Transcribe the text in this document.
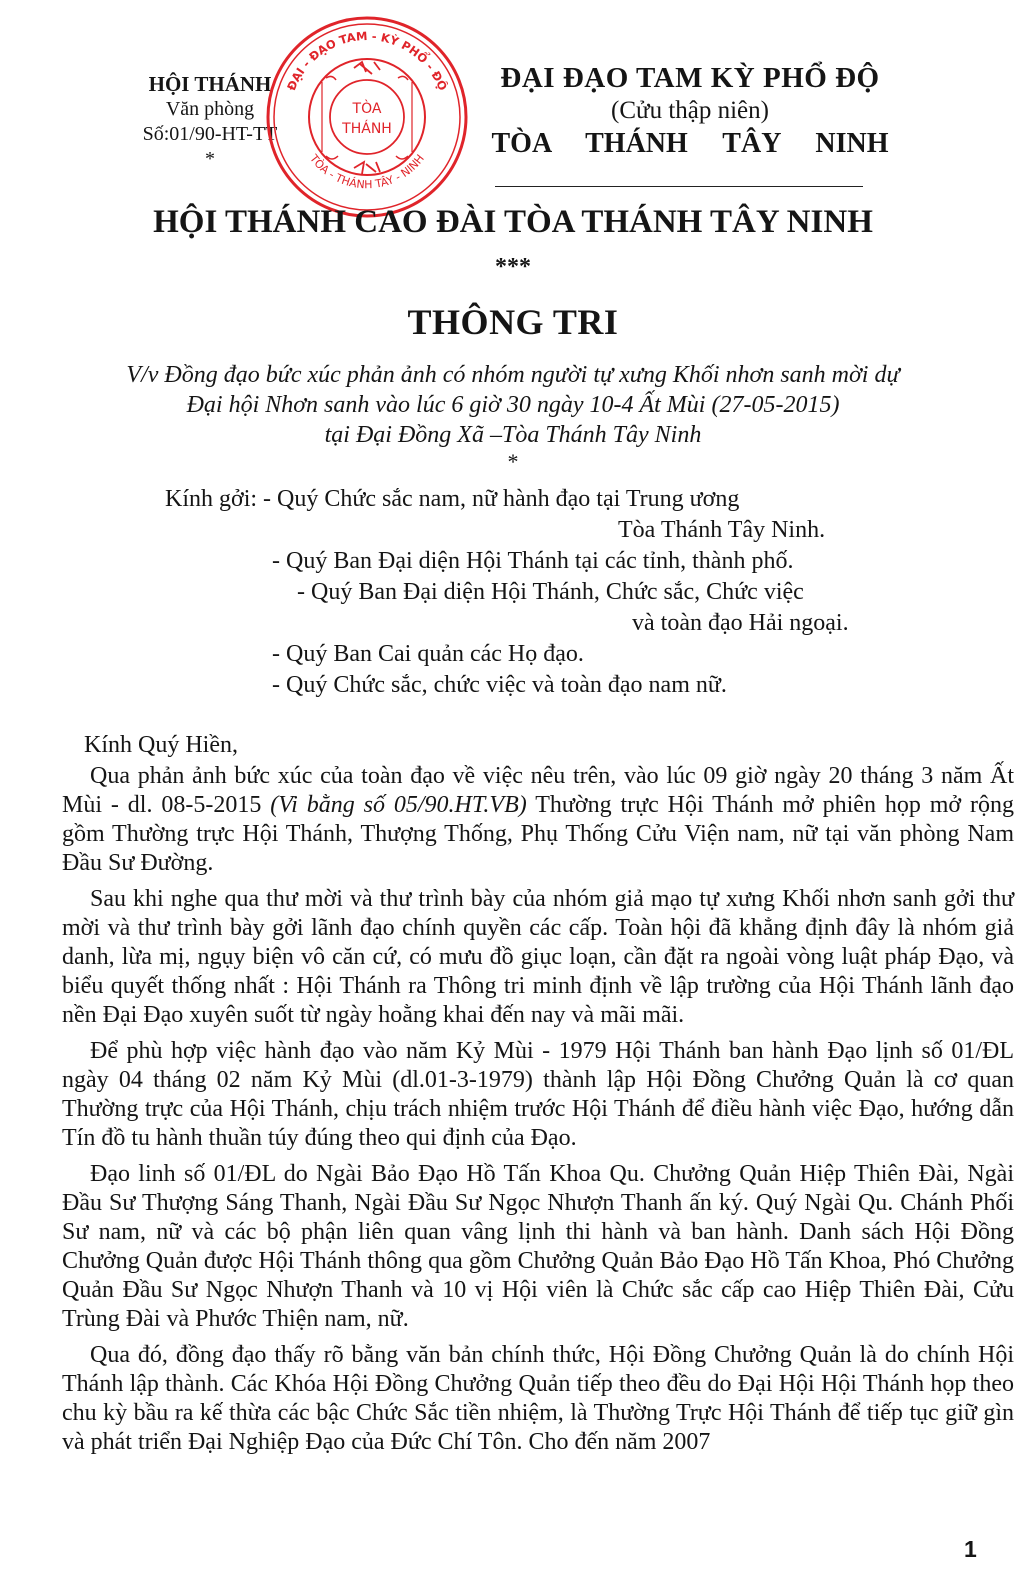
HỘI THÁNH
Văn phòng
Số:01/90-HT-TT
*
ĐẠI ĐẠO TAM KỲ PHỔ ĐỘ
(Cửu thập niên)
TÒA THÁNH TÂY NINH
ĐẠI - ĐẠO TAM - KỲ PHỔ - ĐỘ
TÒA - THÁNH TÂY - NINH
TÒA
THÁNH
HỘI THÁNH CAO ĐÀI TÒA THÁNH TÂY NINH
***
THÔNG TRI
V/v Đồng đạo bức xúc phản ảnh có nhóm người tự xưng Khối nhơn sanh mời dự
Đại hội Nhơn sanh vào lúc 6 giờ 30 ngày 10-4 Ất Mùi (27-05-2015)
tại Đại Đồng Xã –Tòa Thánh Tây Ninh
*
Kính gởi: - Quý Chức sắc nam, nữ hành đạo tại Trung ương
Tòa Thánh Tây Ninh.
- Quý Ban Đại diện Hội Thánh tại các tỉnh, thành phố.
- Quý Ban Đại diện Hội Thánh, Chức sắc, Chức việc
và toàn đạo Hải ngoại.
- Quý Ban Cai quản các Họ đạo.
- Quý Chức sắc, chức việc và toàn đạo nam nữ.
Kính Quý Hiền,

Qua phản ảnh bức xúc của toàn đạo về việc nêu trên, vào lúc 09 giờ ngày 20 tháng 3 năm Ất Mùi - dl. 08-5-2015 (Vi bằng số 05/90.HT.VB) Thường trực Hội Thánh mở phiên họp mở rộng gồm Thường trực Hội Thánh, Thượng Thống, Phụ Thống Cửu Viện nam, nữ tại văn phòng Nam Đầu Sư Đường.

Sau khi nghe qua thư mời và thư trình bày của nhóm giả mạo tự xưng Khối nhơn sanh gởi thư mời và thư trình bày gởi lãnh đạo chính quyền các cấp. Toàn hội đã khẳng định đây là nhóm giả danh, lừa mị, ngụy biện vô căn cứ, có mưu đồ giục loạn, cần đặt ra ngoài vòng luật pháp Đạo, và biểu quyết thống nhất : Hội Thánh ra Thông tri minh định về lập trường của Hội Thánh lãnh đạo nền Đại Đạo xuyên suốt từ ngày hoằng khai đến nay và mãi mãi.

Để phù hợp việc hành đạo vào năm Kỷ Mùi - 1979 Hội Thánh ban hành Đạo lịnh số 01/ĐL ngày 04 tháng 02 năm Kỷ Mùi (dl.01-3-1979) thành lập Hội Đồng Chưởng Quản là cơ quan Thường trực của Hội Thánh, chịu trách nhiệm trước Hội Thánh để điều hành việc Đạo, hướng dẫn Tín đồ tu hành thuần túy đúng theo qui định của Đạo.

Đạo linh số 01/ĐL do Ngài Bảo Đạo Hồ Tấn Khoa Qu. Chưởng Quản Hiệp Thiên Đài, Ngài Đầu Sư Thượng Sáng Thanh, Ngài Đầu Sư Ngọc Nhượn Thanh ấn ký. Quý Ngài Qu. Chánh Phối Sư nam, nữ và các bộ phận liên quan vâng lịnh thi hành và ban hành. Danh sách Hội Đồng Chưởng Quản được Hội Thánh thông qua gồm Chưởng Quản Bảo Đạo Hồ Tấn Khoa, Phó Chưởng Quản Đầu Sư Ngọc Nhượn Thanh và 10 vị Hội viên là Chức sắc cấp cao Hiệp Thiên Đài, Cửu Trùng Đài và Phước Thiện nam, nữ.

Qua đó, đồng đạo thấy rõ bằng văn bản chính thức, Hội Đồng Chưởng Quản là do chính Hội Thánh lập thành. Các Khóa Hội Đồng Chưởng Quản tiếp theo đều do Đại Hội Hội Thánh họp theo chu kỳ bầu ra kế thừa các bậc Chức Sắc tiền nhiệm, là Thường Trực Hội Thánh để tiếp tục giữ gìn và phát triển Đại Nghiệp Đạo của Đức Chí Tôn. Cho đến năm 2007

1
